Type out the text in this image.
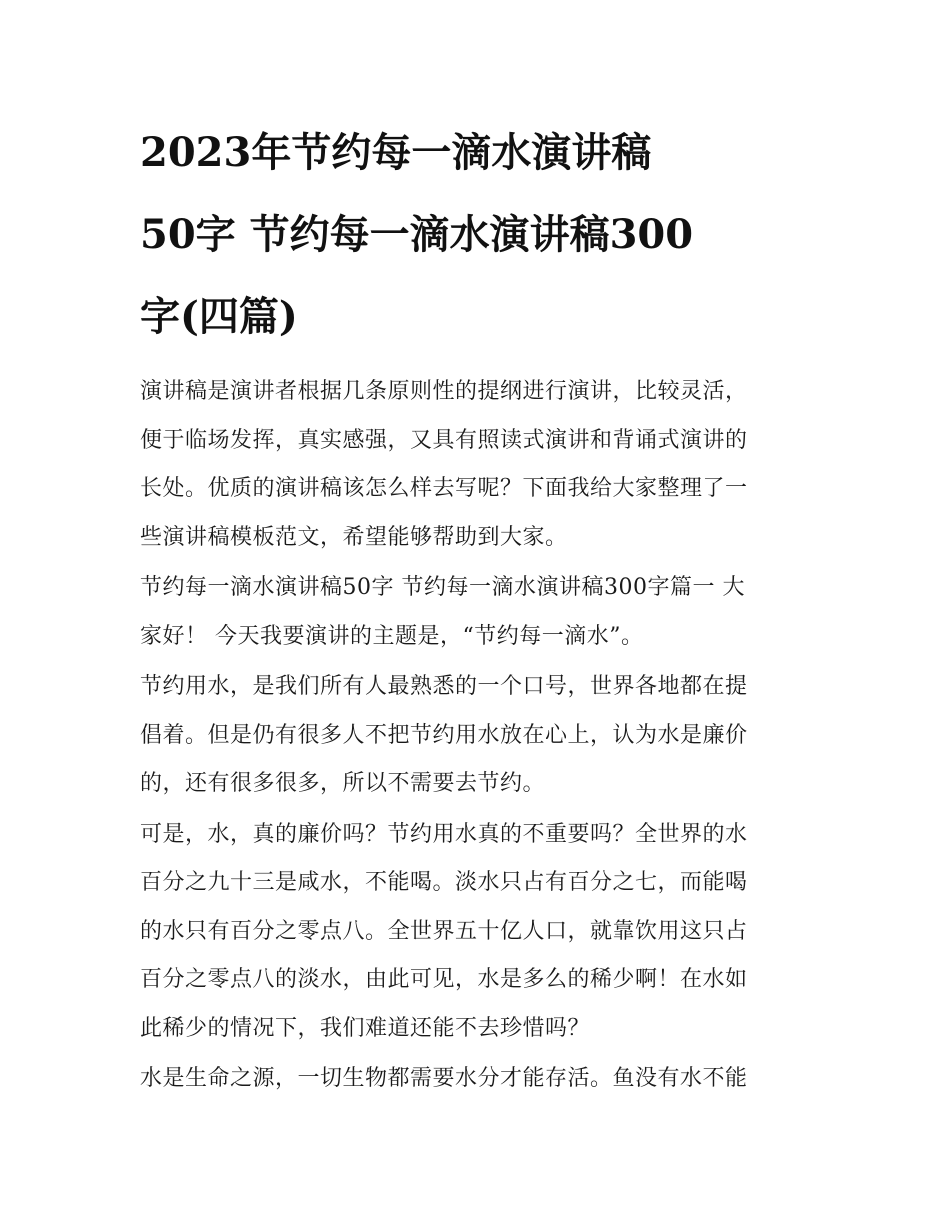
2023年节约每一滴水演讲稿
50字 节约每一滴水演讲稿300
字(四篇)

演讲稿是演讲者根据几条原则性的提纲进行演讲，比较灵活，
便于临场发挥，真实感强，又具有照读式演讲和背诵式演讲的
长处。优质的演讲稿该怎么样去写呢？下面我给大家整理了一
些演讲稿模板范文，希望能够帮助到大家。

节约每一滴水演讲稿50字 节约每一滴水演讲稿300字篇一 大
家好！ 今天我要演讲的主题是，“节约每一滴水”。

节约用水，是我们所有人最熟悉的一个口号，世界各地都在提
倡着。但是仍有很多人不把节约用水放在心上，认为水是廉价
的，还有很多很多，所以不需要去节约。

可是，水，真的廉价吗？节约用水真的不重要吗？全世界的水
百分之九十三是咸水，不能喝。淡水只占有百分之七，而能喝
的水只有百分之零点八。全世界五十亿人口，就靠饮用这只占
百分之零点八的淡水，由此可见，水是多么的稀少啊！在水如
此稀少的情况下，我们难道还能不去珍惜吗？

水是生命之源，一切生物都需要水分才能存活。鱼没有水不能
